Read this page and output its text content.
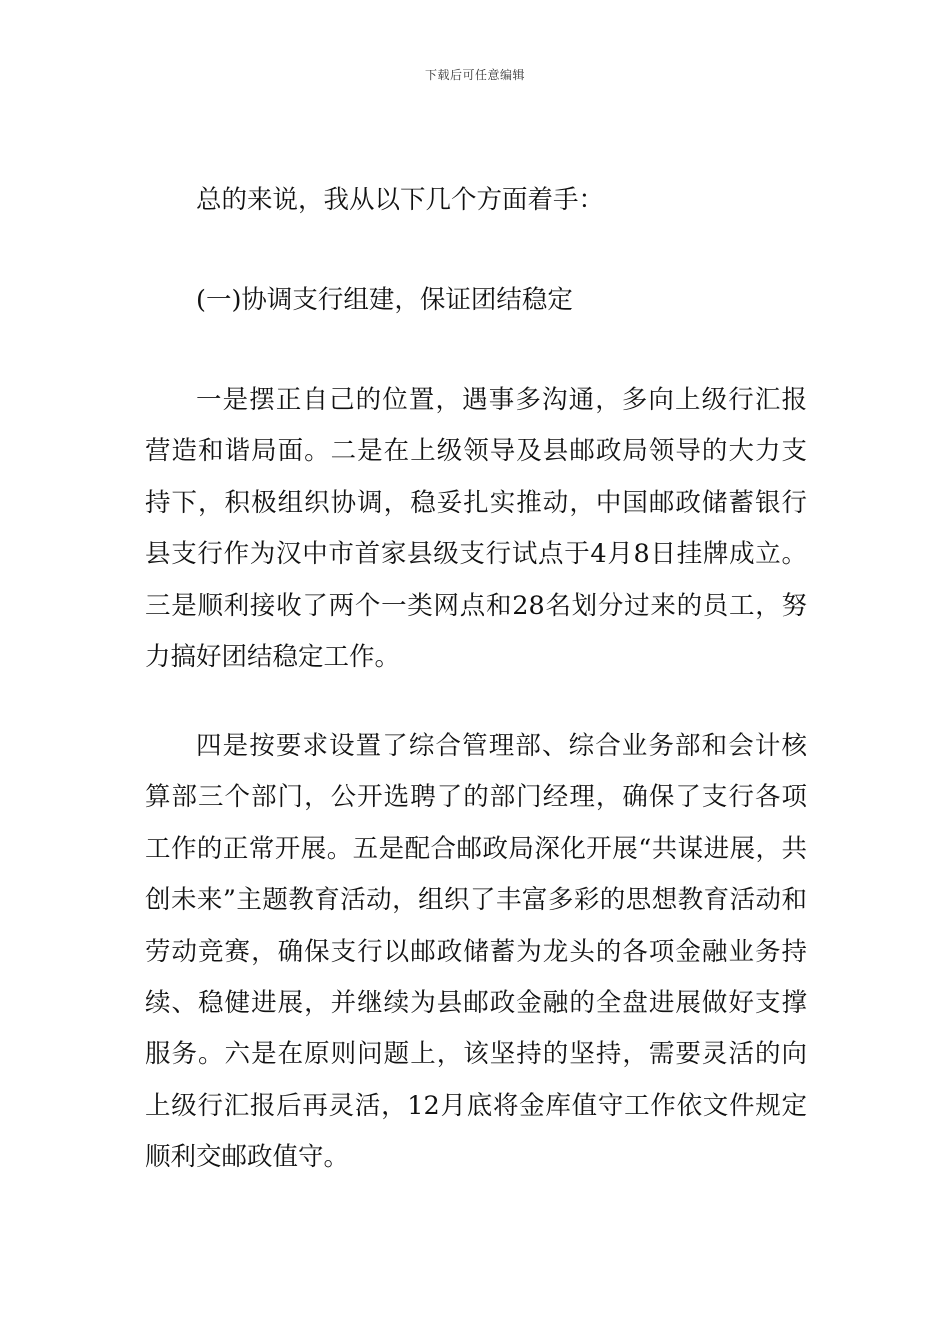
下载后可任意编辑

总的来说，我从以下几个方面着手：

(一)协调支行组建，保证团结稳定

一是摆正自己的位置，遇事多沟通，多向上级行汇报营造和谐局面。二是在上级领导及县邮政局领导的大力支持下，积极组织协调，稳妥扎实推动，中国邮政储蓄银行县支行作为汉中市首家县级支行试点于4月8日挂牌成立。三是顺利接收了两个一类网点和28名划分过来的员工，努力搞好团结稳定工作。

四是按要求设置了综合管理部、综合业务部和会计核算部三个部门，公开选聘了的部门经理，确保了支行各项工作的正常开展。五是配合邮政局深化开展“共谋进展，共创未来”主题教育活动，组织了丰富多彩的思想教育活动和劳动竞赛，确保支行以邮政储蓄为龙头的各项金融业务持续、稳健进展，并继续为县邮政金融的全盘进展做好支撑服务。六是在原则问题上，该坚持的坚持，需要灵活的向上级行汇报后再灵活，12月底将金库值守工作依文件规定顺利交邮政值守。
